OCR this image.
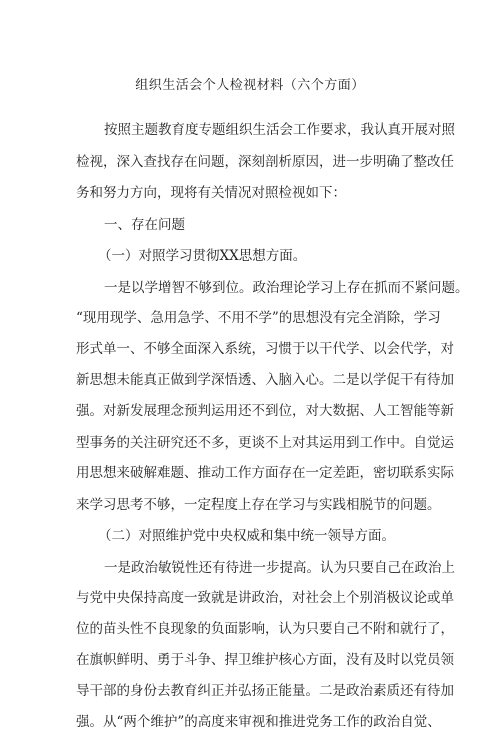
组织生活会个人检视材料（六个方面）
按照主题教育度专题组织生活会工作要求，我认真开展对照
检视，深入查找存在问题，深刻剖析原因，进一步明确了整改任
务和努力方向，现将有关情况对照检视如下：
一、存在问题
（一）对照学习贯彻XX思想方面。
一是以学增智不够到位。政治理论学习上存在抓而不紧问题。
“现用现学、急用急学、不用不学”的思想没有完全消除，学习
形式单一、不够全面深入系统，习惯于以干代学、以会代学，对
新思想未能真正做到学深悟透、入脑入心。二是以学促干有待加
强。对新发展理念预判运用还不到位，对大数据、人工智能等新
型事务的关注研究还不多，更谈不上对其运用到工作中。自觉运
用思想来破解难题、推动工作方面存在一定差距，密切联系实际
来学习思考不够，一定程度上存在学习与实践相脱节的问题。
（二）对照维护党中央权威和集中统一领导方面。
一是政治敏锐性还有待进一步提高。认为只要自己在政治上
与党中央保持高度一致就是讲政治，对社会上个别消极议论或单
位的苗头性不良现象的负面影响，认为只要自己不附和就行了，
在旗帜鲜明、勇于斗争、捍卫维护核心方面，没有及时以党员领
导干部的身份去教育纠正并弘扬正能量。二是政治素质还有待加
强。从“两个维护”的高度来审视和推进党务工作的政治自觉、
